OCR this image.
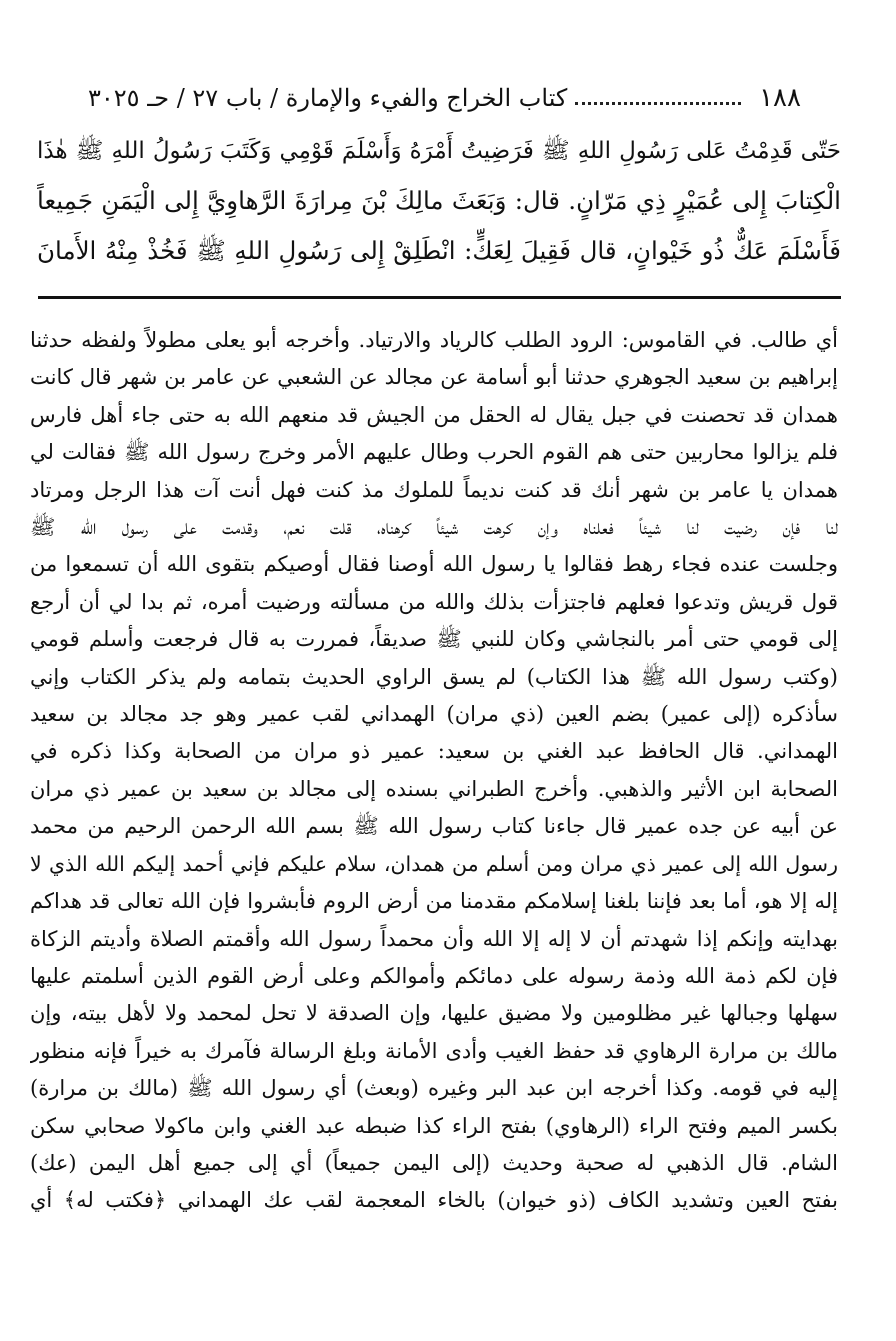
١٨٨
كتاب الخراج والفيء والإمارة / باب ٢٧ / حـ ٣٠٢٥
حَتّى قَدِمْتُ عَلى رَسُولِ اللهِ ﷺ فَرَضِيتُ أَمْرَهُ وَأَسْلَمَ قَوْمِي وَكَتَبَ رَسُولُ اللهِ ﷺ هٰذَا
الْكِتابَ إِلى عُمَيْرٍ ذِي مَرّانٍ. قال: وَبَعَثَ مالِكَ بْنَ مِرارَةَ الرَّهاوِيَّ إِلى الْيَمَنِ جَمِيعاً
فَأَسْلَمَ عَكٌّ ذُو خَيْوانٍ، قال فَقِيلَ لِعَكٍّ: انْطَلِقْ إِلى رَسُولِ اللهِ ﷺ فَخُذْ مِنْهُ الأَمانَ
أي طالب. في القاموس: الرود الطلب كالرياد والارتياد. وأخرجه أبو يعلى مطولاً ولفظه حدثنا
إبراهيم بن سعيد الجوهري حدثنا أبو أسامة عن مجالد عن الشعبي عن عامر بن شهر قال كانت
همدان قد تحصنت في جبل يقال له الحقل من الجيش قد منعهم الله به حتى جاء أهل فارس
فلم يزالوا محاربين حتى هم القوم الحرب وطال عليهم الأمر وخرج رسول الله ﷺ فقالت لي
همدان يا عامر بن شهر أنك قد كنت نديماً للملوك مذ كنت فهل أنت آت هذا الرجل ومرتاد
لنا فإن رضيت لنا شيئاً فعلناه وإن كرهت شيئاً كرهناه، قلت نعم، وقدمت على رسول الله ﷺ
وجلست عنده فجاء رهط فقالوا يا رسول الله أوصنا فقال أوصيكم بتقوى الله أن تسمعوا من
قول قريش وتدعوا فعلهم فاجتزأت بذلك والله من مسألته ورضيت أمره، ثم بدا لي أن أرجع
إلى قومي حتى أمر بالنجاشي وكان للنبي ﷺ صديقاً، فمررت به قال فرجعت وأسلم قومي
(وكتب رسول الله ﷺ هذا الكتاب) لم يسق الراوي الحديث بتمامه ولم يذكر الكتاب وإني
سأذكره (إلى عمير) بضم العين (ذي مران) الهمداني لقب عمير وهو جد مجالد بن سعيد
الهمداني. قال الحافظ عبد الغني بن سعيد: عمير ذو مران من الصحابة وكذا ذكره في
الصحابة ابن الأثير والذهبي. وأخرج الطبراني بسنده إلى مجالد بن سعيد بن عمير ذي مران
عن أبيه عن جده عمير قال جاءنا كتاب رسول الله ﷺ بسم الله الرحمن الرحيم من محمد
رسول الله إلى عمير ذي مران ومن أسلم من همدان، سلام عليكم فإني أحمد إليكم الله الذي لا
إله إلا هو، أما بعد فإننا بلغنا إسلامكم مقدمنا من أرض الروم فأبشروا فإن الله تعالى قد هداكم
بهدايته وإنكم إذا شهدتم أن لا إله إلا الله وأن محمداً رسول الله وأقمتم الصلاة وأديتم الزكاة
فإن لكم ذمة الله وذمة رسوله على دمائكم وأموالكم وعلى أرض القوم الذين أسلمتم عليها
سهلها وجبالها غير مظلومين ولا مضيق عليها، وإن الصدقة لا تحل لمحمد ولا لأهل بيته، وإن
مالك بن مرارة الرهاوي قد حفظ الغيب وأدى الأمانة وبلغ الرسالة فآمرك به خيراً فإنه منظور
إليه في قومه. وكذا أخرجه ابن عبد البر وغيره (وبعث) أي رسول الله ﷺ (مالك بن مرارة)
بكسر الميم وفتح الراء (الرهاوي) بفتح الراء كذا ضبطه عبد الغني وابن ماكولا صحابي سكن
الشام. قال الذهبي له صحبة وحديث (إلى اليمن جميعاً) أي إلى جميع أهل اليمن (عك)
بفتح العين وتشديد الكاف (ذو خيوان) بالخاء المعجمة لقب عك الهمداني ﴿فكتب له﴾ أي
